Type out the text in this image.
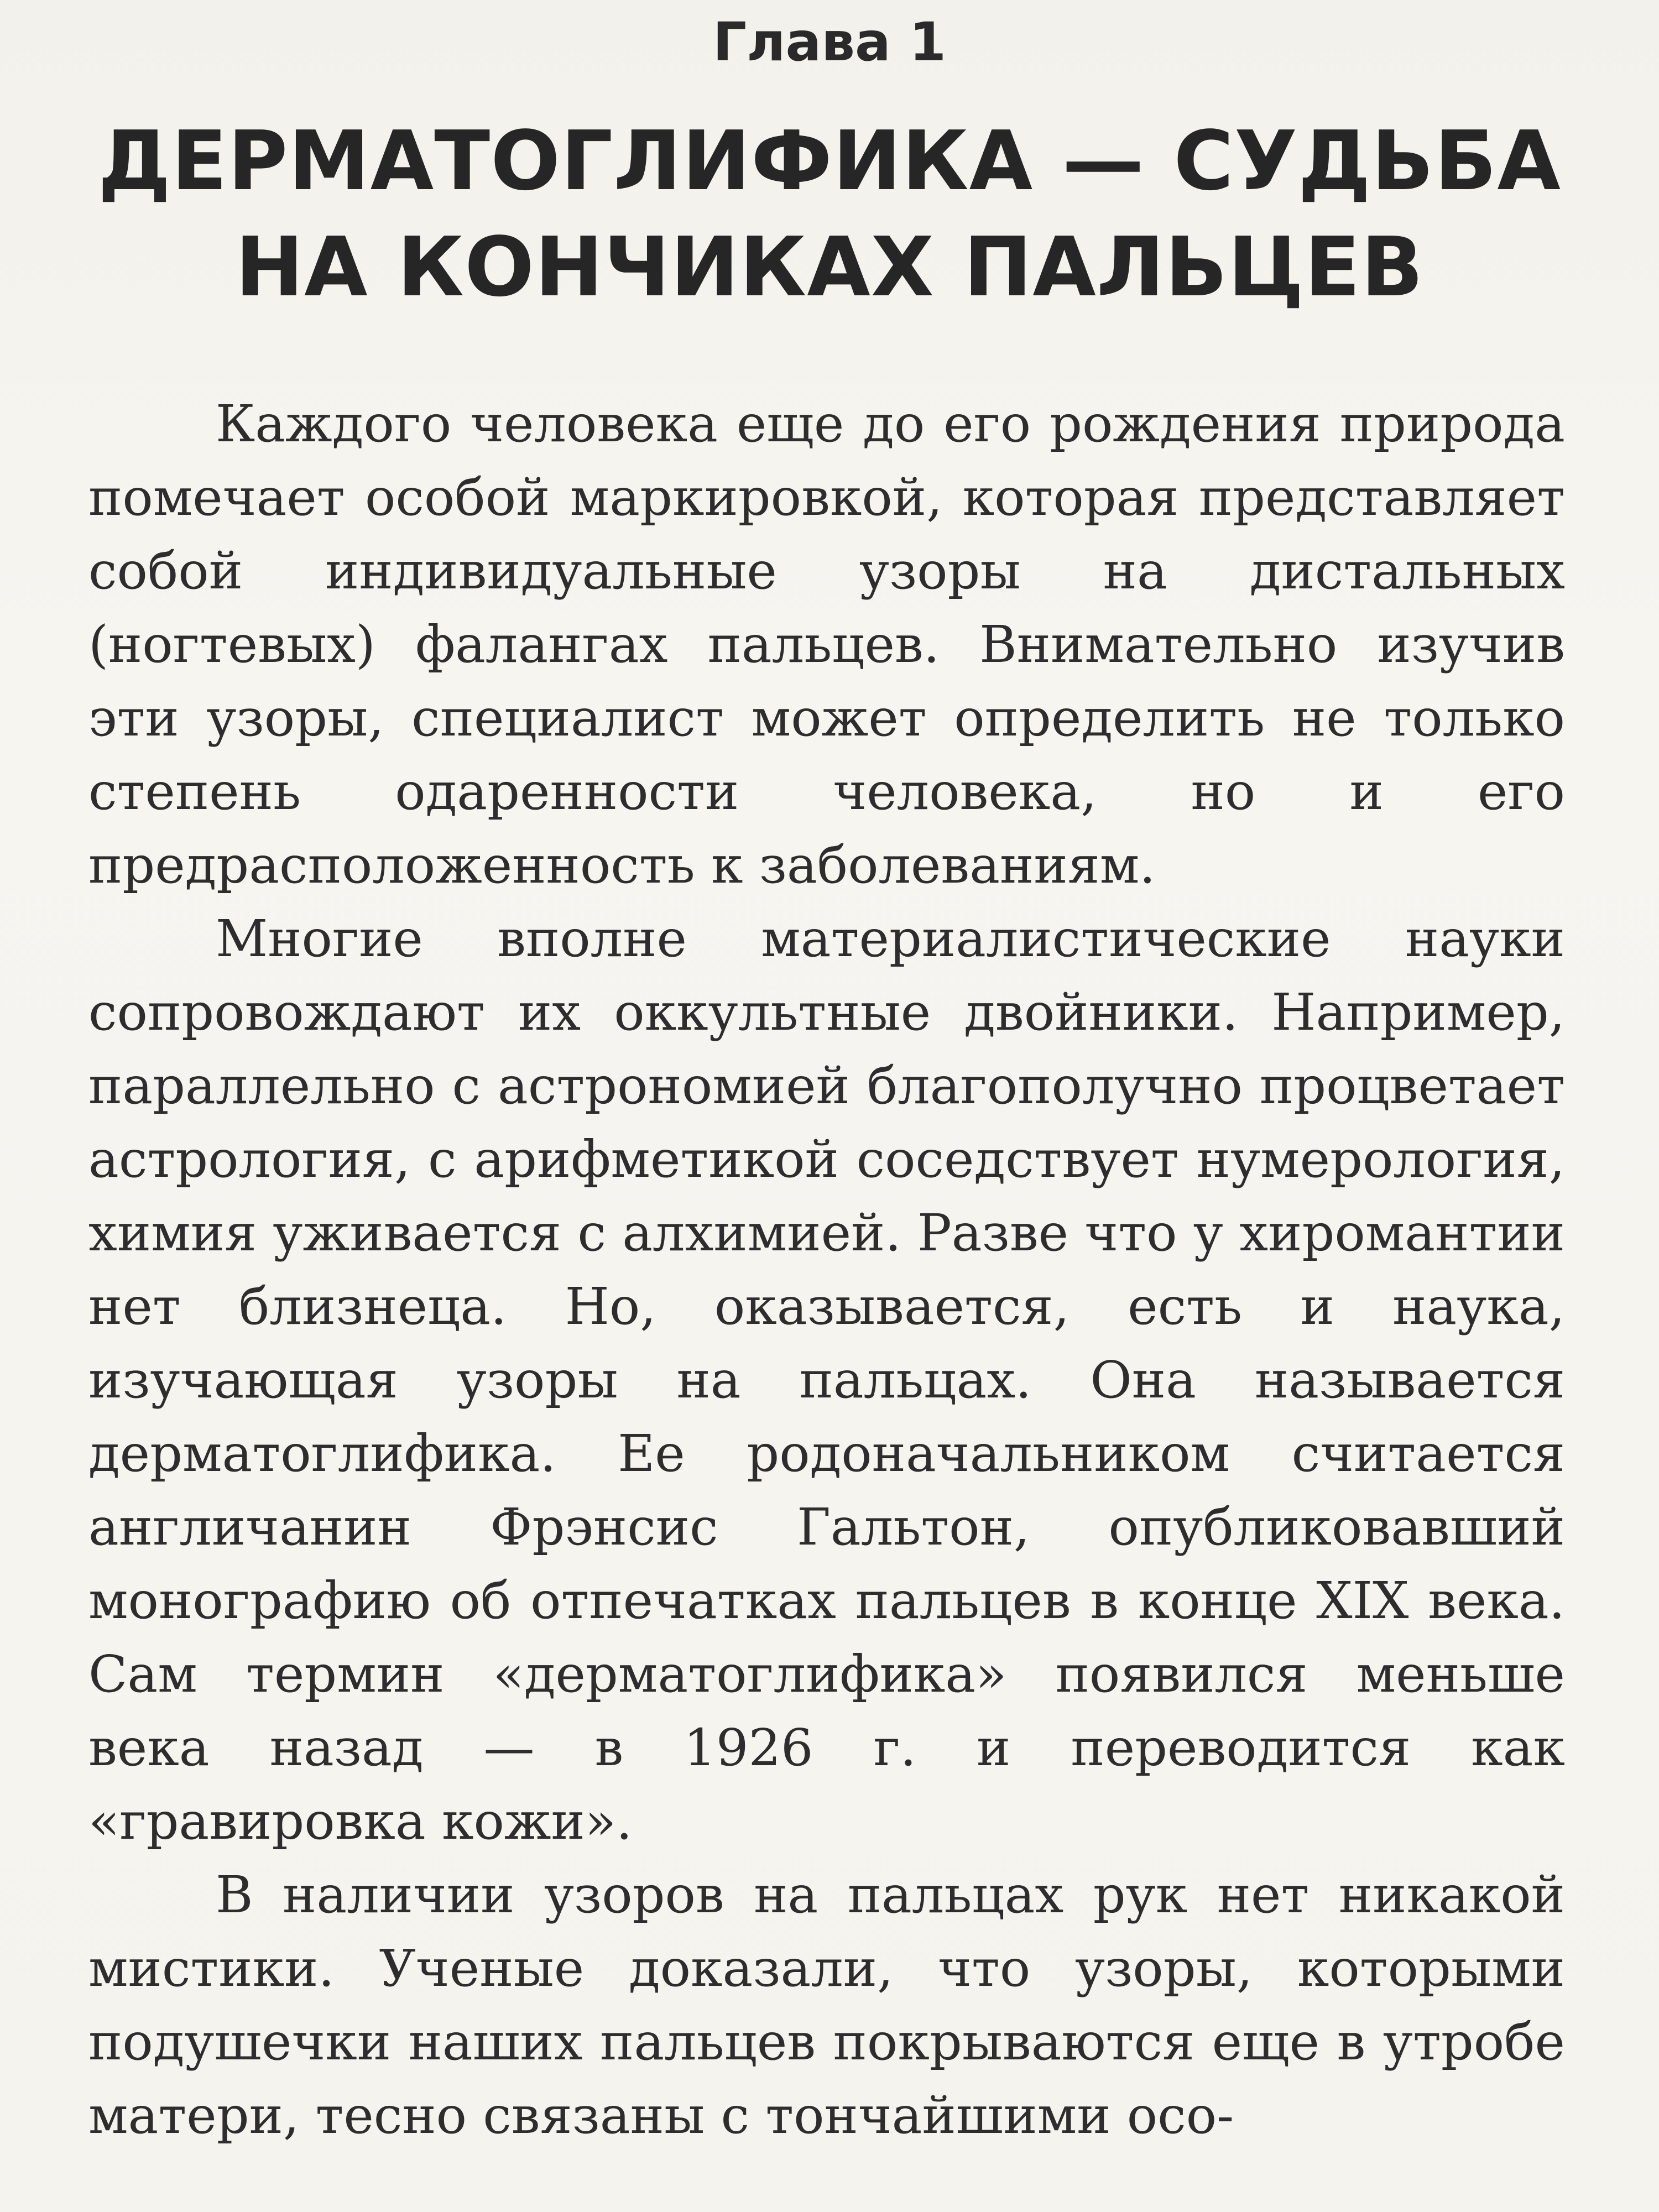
Глава 1
ДЕРМАТОГЛИФИКА — СУДЬБА
НА КОНЧИКАХ ПАЛЬЦЕВ

Каждого человека еще до его рождения природа помечает особой маркировкой, которая представляет собой индивидуальные узоры на дистальных (ногтевых) фалангах пальцев. Внимательно изучив эти узоры, специалист может определить не только степень одаренности человека, но и его предрасположенность к заболеваниям.

Многие вполне материалистические науки сопровождают их оккультные двойники. Например, параллельно с астрономией благополучно процветает астрология, с арифметикой соседствует нумерология, химия уживается с алхимией. Разве что у хиромантии нет близнеца. Но, оказывается, есть и наука, изучающая узоры на пальцах. Она называется дерматоглифика. Ее родоначальником считается англичанин Фрэнсис Гальтон, опубликовавший монографию об отпечатках пальцев в конце XIX века. Сам термин «дерматоглифика» появился меньше века назад — в 1926 г. и переводится как «гравировка кожи».

В наличии узоров на пальцах рук нет никакой мистики. Ученые доказали, что узоры, которыми подушечки наших пальцев покрываются еще в утробе матери, тесно связаны с тончайшими осо-
